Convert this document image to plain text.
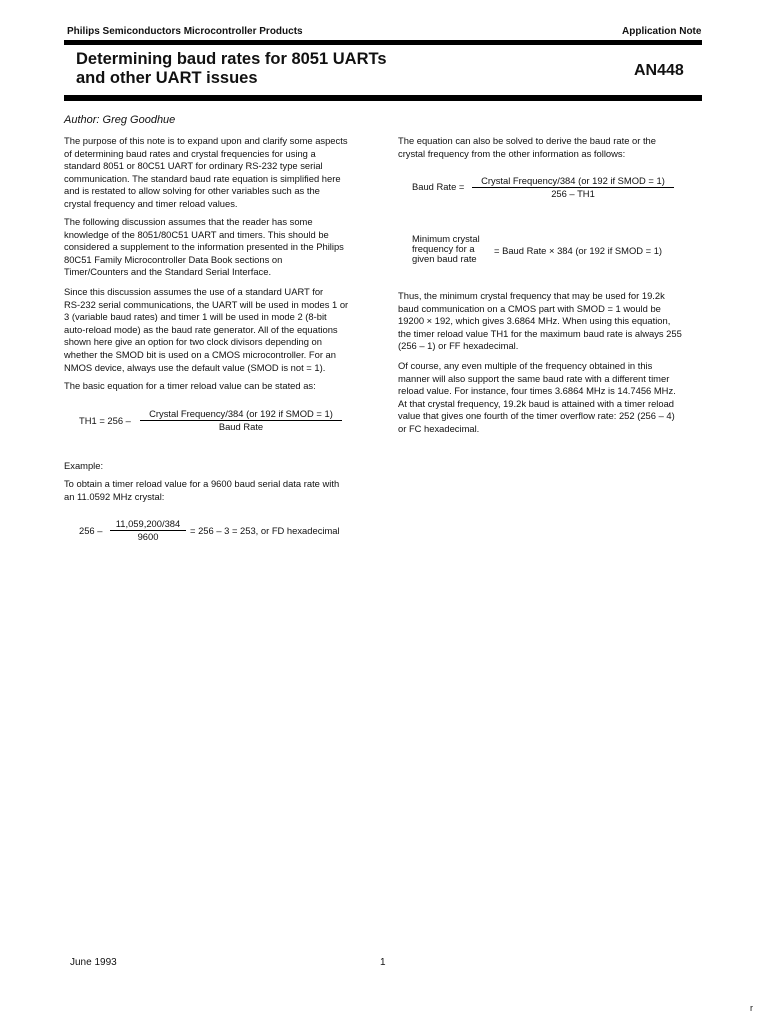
Philips Semiconductors Microcontroller Products	Application Note
Determining baud rates for 8051 UARTs
and other UART issues	AN448
Author: Greg Goodhue
The purpose of this note is to expand upon and clarify some aspects
of determining baud rates and crystal frequencies for using a
standard 8051 or 80C51 UART for ordinary RS-232 type serial
communication. The standard baud rate equation is simplified here
and is restated to allow solving for other variables such as the
crystal frequency and timer reload values.
The following discussion assumes that the reader has some
knowledge of the 8051/80C51 UART and timers. This should be
considered a supplement to the information presented in the Philips
80C51 Family Microcontroller Data Book sections on
Timer/Counters and the Standard Serial Interface.
Since this discussion assumes the use of a standard UART for
RS-232 serial communications, the UART will be used in modes 1 or
3 (variable baud rates) and timer 1 will be used in mode 2 (8-bit
auto-reload mode) as the baud rate generator. All of the equations
shown here give an option for two clock divisors depending on
whether the SMOD bit is used on a CMOS microcontroller. For an
NMOS device, always use the default value (SMOD is not = 1).
The basic equation for a timer reload value can be stated as:
TH1 = 256 –
Crystal Frequency/384 (or 192 if SMOD = 1)
Baud Rate
Example:
To obtain a timer reload value for a 9600 baud serial data rate with
an 11.0592 MHz crystal:
256 –
11,059,200/384
9600
= 256 – 3 = 253, or FD hexadecimal
The equation can also be solved to derive the baud rate or the
crystal frequency from the other information as follows:
Baud Rate =
Crystal Frequency/384 (or 192 if SMOD = 1)
256 – TH1
Minimum crystal
frequency for a
given baud rate
= Baud Rate × 384 (or 192 if SMOD = 1)
Thus, the minimum crystal frequency that may be used for 19.2k
baud communication on a CMOS part with SMOD = 1 would be
19200 × 192, which gives 3.6864 MHz. When using this equation,
the timer reload value TH1 for the maximum baud rate is always 255
(256 – 1) or FF hexadecimal.
Of course, any even multiple of the frequency obtained in this
manner will also support the same baud rate with a different timer
reload value. For instance, four times 3.6864 MHz is 14.7456 MHz.
At that crystal frequency, 19.2k baud is attained with a timer reload
value that gives one fourth of the timer overflow rate: 252 (256 – 4)
or FC hexadecimal.
June 1993	1
r
